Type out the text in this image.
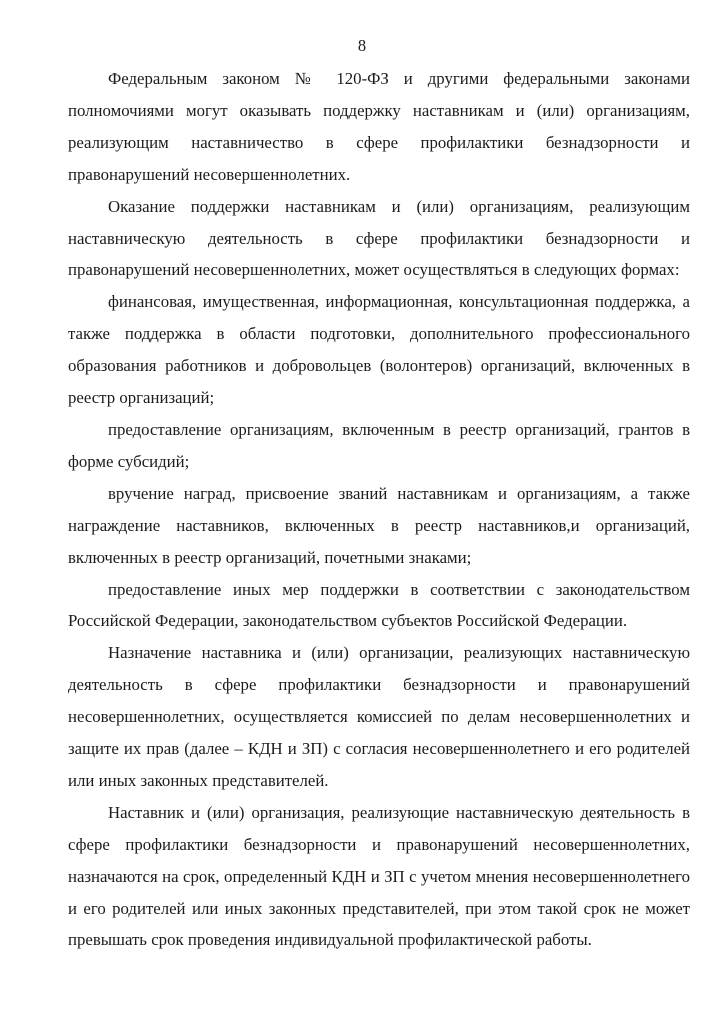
8

Федеральным законом № 120-ФЗ и другими федеральными законами полномочиями могут оказывать поддержку наставникам и (или) организациям, реализующим наставничество в сфере профилактики безнадзорности и правонарушений несовершеннолетних.

Оказание поддержки наставникам и (или) организациям, реализующим наставническую деятельность в сфере профилактики безнадзорности и правонарушений несовершеннолетних, может осуществляться в следующих формах:

финансовая, имущественная, информационная, консультационная поддержка, а также поддержка в области подготовки, дополнительного профессионального образования работников и добровольцев (волонтеров) организаций, включенных в реестр организаций;

предоставление организациям, включенным в реестр организаций, грантов в форме субсидий;

вручение наград, присвоение званий наставникам и организациям, а также награждение наставников, включенных в реестр наставников,и организаций, включенных в реестр организаций, почетными знаками;

предоставление иных мер поддержки в соответствии с законодательством Российской Федерации, законодательством субъектов Российской Федерации.

Назначение наставника и (или) организации, реализующих наставническую деятельность в сфере профилактики безнадзорности и правонарушений несовершеннолетних, осуществляется комиссией по делам несовершеннолетних и защите их прав (далее – КДН и ЗП) с согласия несовершеннолетнего и его родителей или иных законных представителей.

Наставник и (или) организация, реализующие наставническую деятельность в сфере профилактики безнадзорности и правонарушений несовершеннолетних, назначаются на срок, определенный КДН и ЗП с учетом мнения несовершеннолетнего и его родителей или иных законных представителей, при этом такой срок не может превышать срок проведения индивидуальной профилактической работы.
